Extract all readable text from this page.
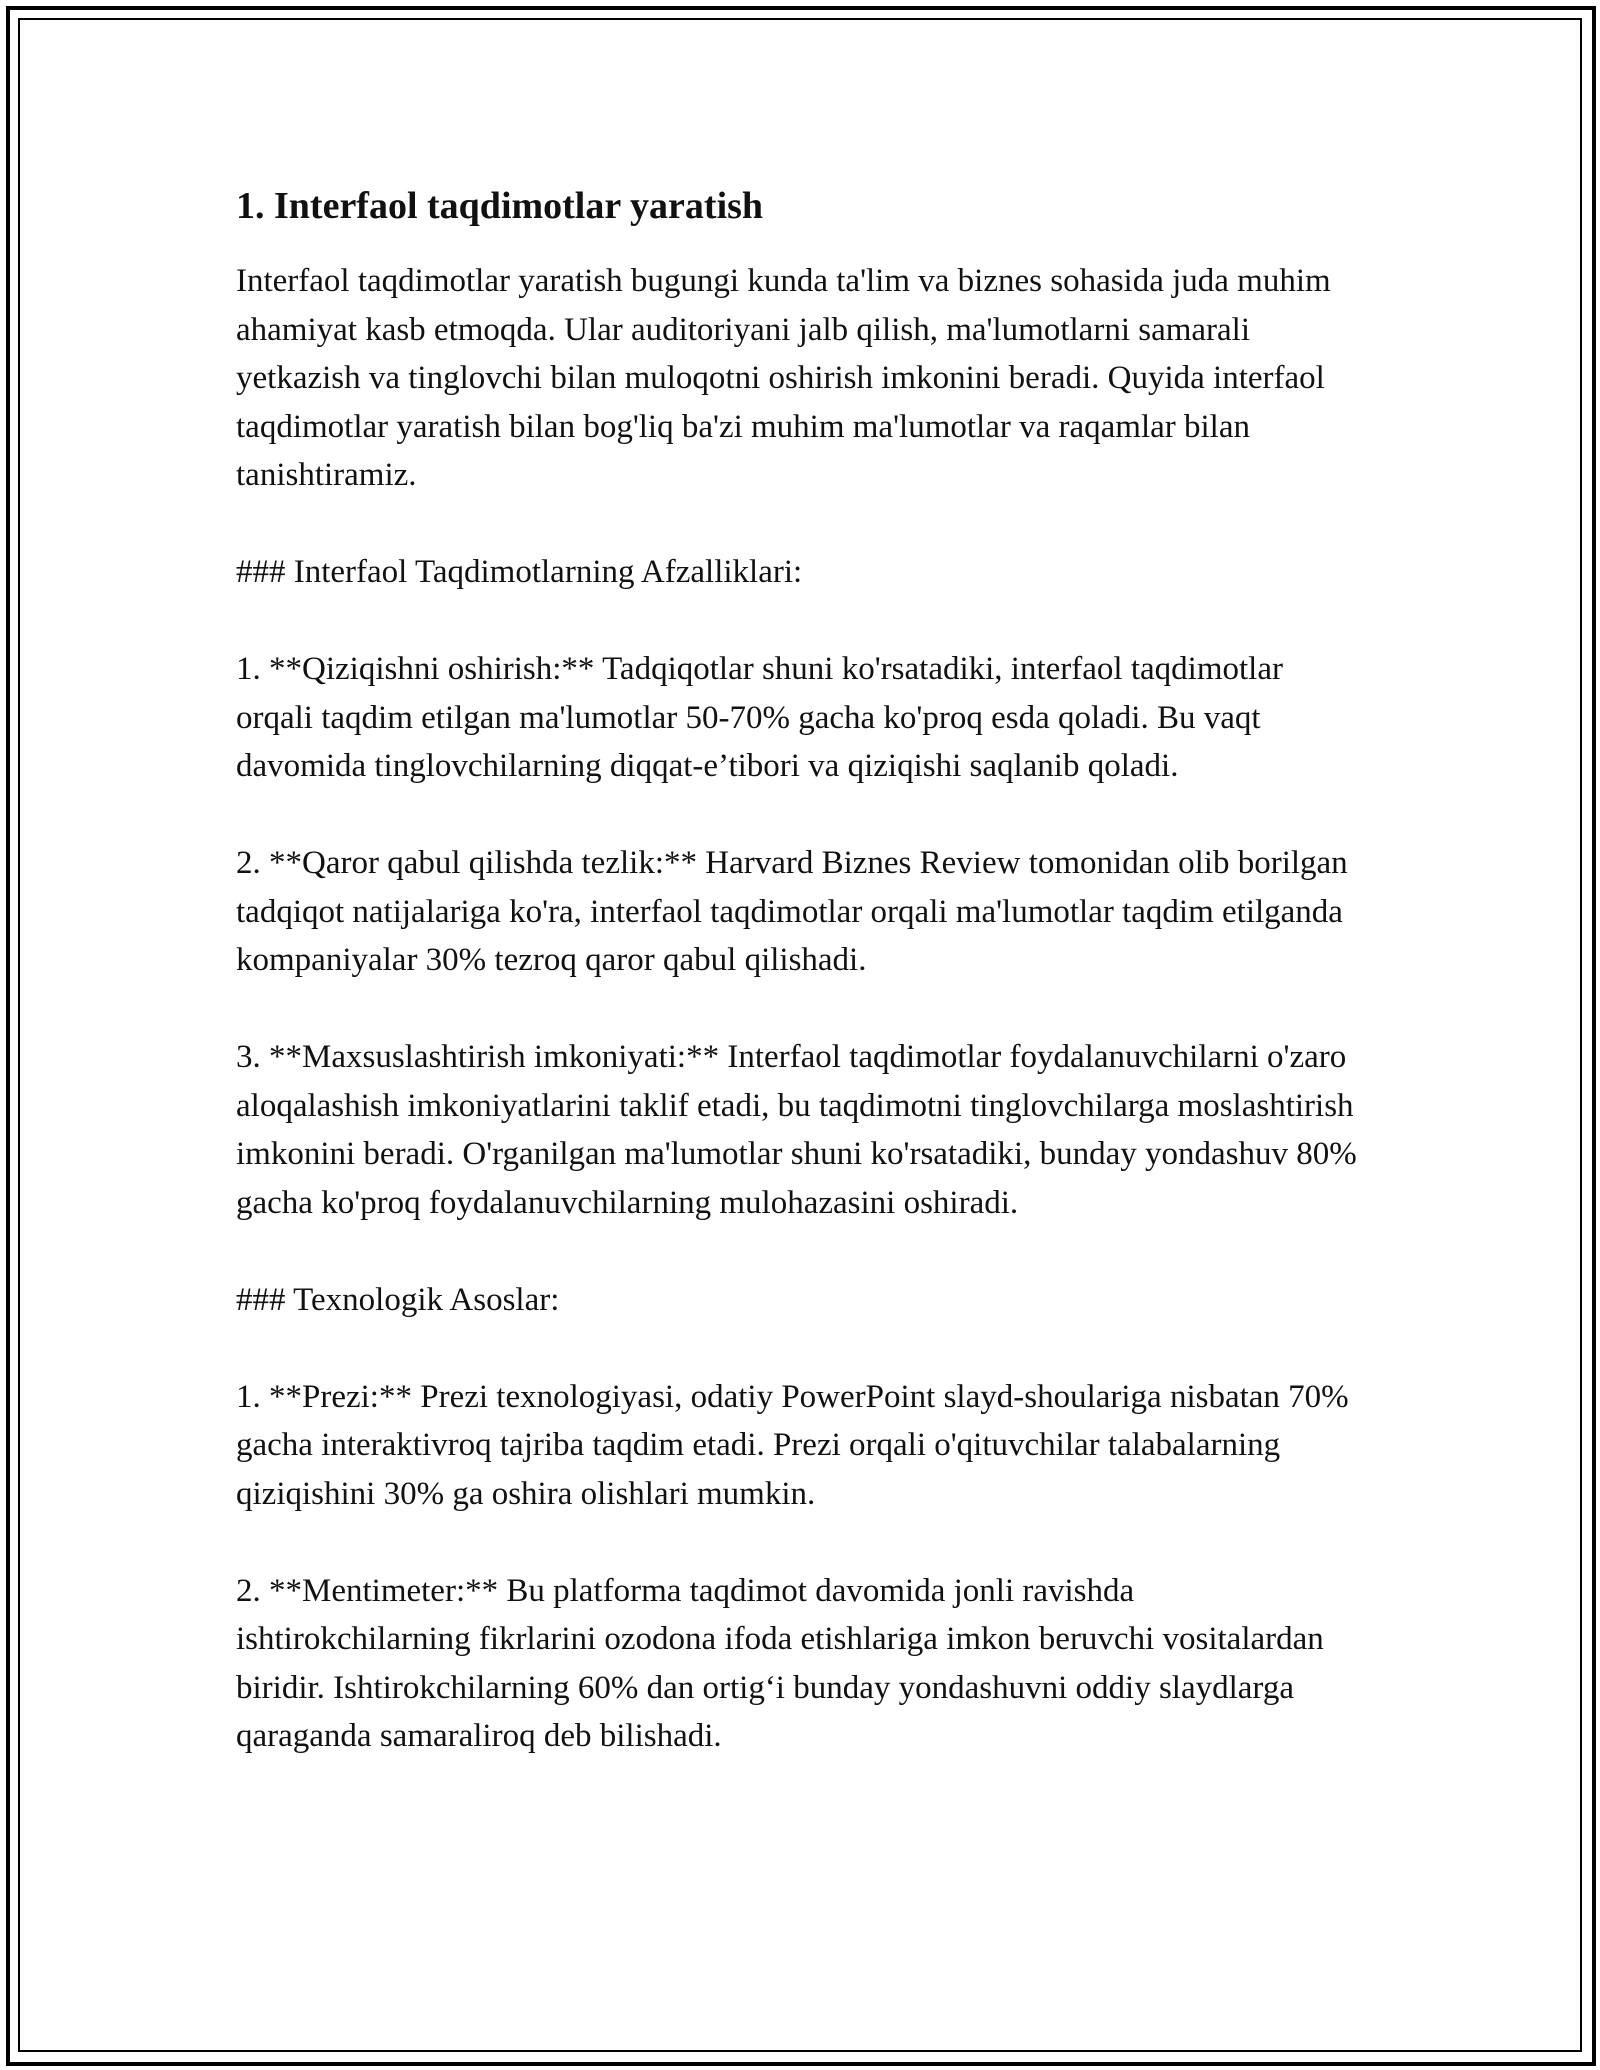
1. Interfaol taqdimotlar yaratish

Interfaol taqdimotlar yaratish bugungi kunda ta'lim va biznes sohasida juda muhim ahamiyat kasb etmoqda. Ular auditoriyani jalb qilish, ma'lumotlarni samarali yetkazish va tinglovchi bilan muloqotni oshirish imkonini beradi. Quyida interfaol taqdimotlar yaratish bilan bog'liq ba'zi muhim ma'lumotlar va raqamlar bilan tanishtiramiz.

### Interfaol Taqdimotlarning Afzalliklari:

1. **Qiziqishni oshirish:** Tadqiqotlar shuni ko'rsatadiki, interfaol taqdimotlar orqali taqdim etilgan ma'lumotlar 50-70% gacha ko'proq esda qoladi. Bu vaqt davomida tinglovchilarning diqqat-e’tibori va qiziqishi saqlanib qoladi.

2. **Qaror qabul qilishda tezlik:** Harvard Biznes Review tomonidan olib borilgan tadqiqot natijalariga ko'ra, interfaol taqdimotlar orqali ma'lumotlar taqdim etilganda kompaniyalar 30% tezroq qaror qabul qilishadi.

3. **Maxsuslashtirish imkoniyati:** Interfaol taqdimotlar foydalanuvchilarni o'zaro aloqalashish imkoniyatlarini taklif etadi, bu taqdimotni tinglovchilarga moslashtirish imkonini beradi. O'rganilgan ma'lumotlar shuni ko'rsatadiki, bunday yondashuv 80% gacha ko'proq foydalanuvchilarning mulohazasini oshiradi.

### Texnologik Asoslar:

1. **Prezi:** Prezi texnologiyasi, odatiy PowerPoint slayd-shoulariga nisbatan 70% gacha interaktivroq tajriba taqdim etadi. Prezi orqali o'qituvchilar talabalarning qiziqishini 30% ga oshira olishlari mumkin.

2. **Mentimeter:** Bu platforma taqdimot davomida jonli ravishda ishtirokchilarning fikrlarini ozodona ifoda etishlariga imkon beruvchi vositalardan biridir. Ishtirokchilarning 60% dan ortig‘i bunday yondashuvni oddiy slaydlarga qaraganda samaraliroq deb bilishadi.
